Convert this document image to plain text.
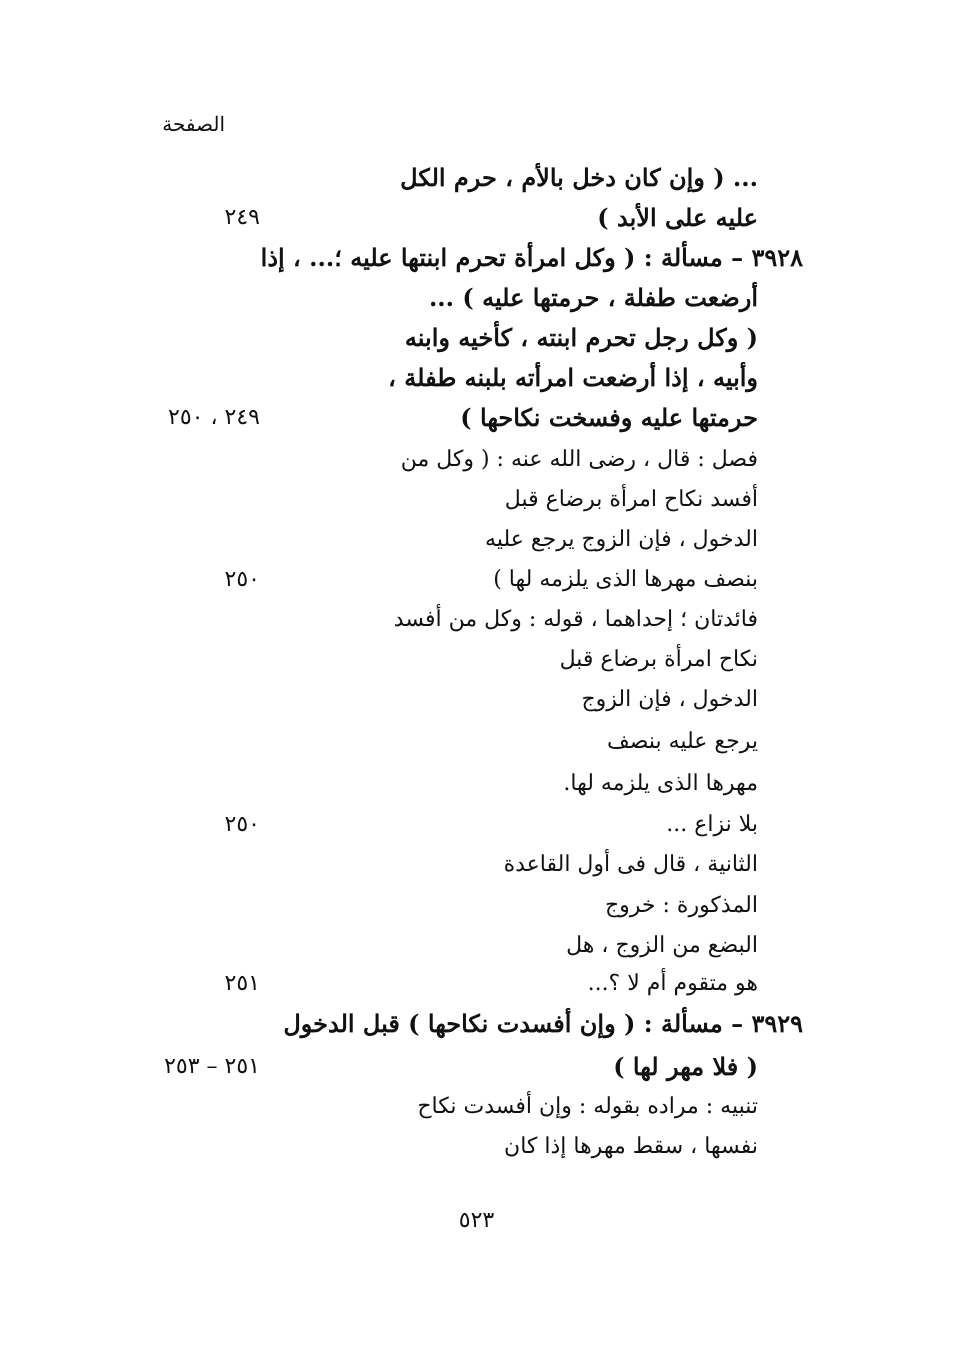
الصفحة
... ( وإن كان دخل بالأم ، حرم الكل
عليه على الأبد )
٢٤٩
٣٩٢٨ – مسألة : ( وكل امرأة تحرم ابنتها عليه ؛... ، إذا
أرضعت طفلة ، حرمتها عليه ) ...
( وكل رجل تحرم ابنته ، كأخيه وابنه
وأبيه ، إذا أرضعت امرأته بلبنه طفلة ،
حرمتها عليه وفسخت نكاحها )
٢٤٩ ، ٢٥٠
فصل : قال ، رضى الله عنه : ( وكل من
أفسد نكاح امرأة برضاع قبل
الدخول ، فإن الزوج يرجع عليه
بنصف مهرها الذى يلزمه لها )
٢٥٠
فائدتان ؛ إحداهما ، قوله : وكل من أفسد
نكاح امرأة برضاع قبل
الدخول ، فإن الزوج
يرجع عليه بنصف
مهرها الذى يلزمه لها.
بلا نزاع ...
٢٥٠
الثانية ، قال فى أول القاعدة
المذكورة : خروج
البضع من الزوج ، هل
هو متقوم أم لا ؟...
٢٥١
٣٩٢٩ – مسألة : ( وإن أفسدت نكاحها ) قبل الدخول
( فلا مهر لها )
٢٥١ – ٢٥٣
تنبيه : مراده بقوله : وإن أفسدت نكاح
نفسها ، سقط مهرها إذا كان
٥٢٣
